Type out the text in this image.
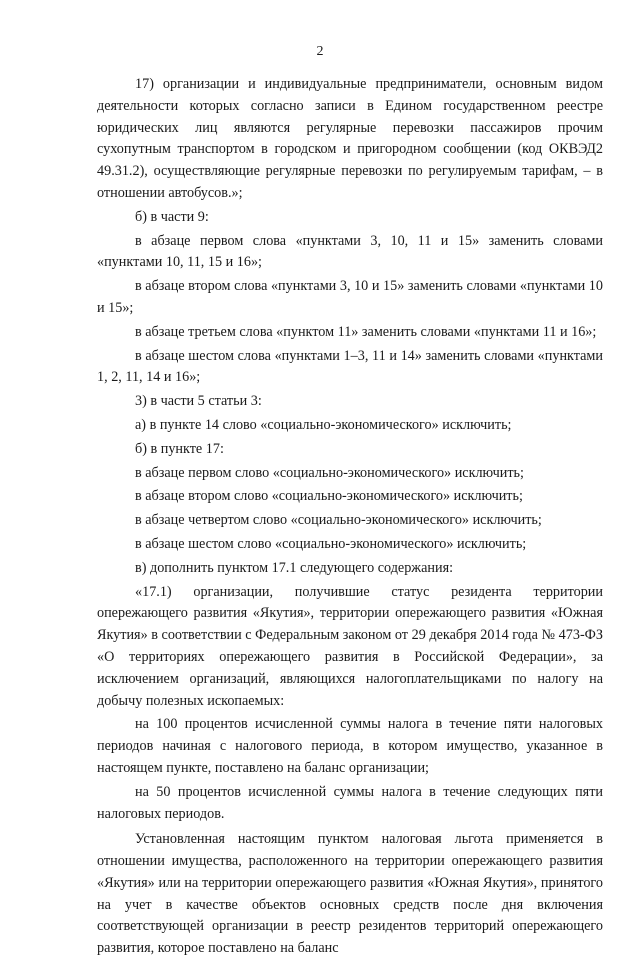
2

17) организации и индивидуальные предприниматели, основным видом деятельности которых согласно записи в Едином государственном реестре юридических лиц являются регулярные перевозки пассажиров прочим сухопутным транспортом в городском и пригородном сообщении (код ОКВЭД2 49.31.2), осуществляющие регулярные перевозки по регулируемым тарифам, – в отношении автобусов.»;

б) в части 9:

в абзаце первом слова «пунктами 3, 10, 11 и 15» заменить словами «пунктами 10, 11, 15 и 16»;

в абзаце втором слова «пунктами 3, 10 и 15» заменить словами «пунктами 10 и 15»;

в абзаце третьем слова «пунктом 11» заменить словами «пунктами 11 и 16»;

в абзаце шестом слова «пунктами 1–3, 11 и 14» заменить словами «пунктами 1, 2, 11, 14 и 16»;

3) в части 5 статьи 3:

а) в пункте 14 слово «социально-экономического» исключить;

б) в пункте 17:

в абзаце первом слово «социально-экономического» исключить;

в абзаце втором слово «социально-экономического» исключить;

в абзаце четвертом слово «социально-экономического» исключить;

в абзаце шестом слово «социально-экономического» исключить;

в) дополнить пунктом 17.1 следующего содержания:

«17.1) организации, получившие статус резидента территории опережающего развития «Якутия», территории опережающего развития «Южная Якутия» в соответствии с Федеральным законом от 29 декабря 2014 года № 473-ФЗ «О территориях опережающего развития в Российской Федерации», за исключением организаций, являющихся налогоплательщиками по налогу на добычу полезных ископаемых:

на 100 процентов исчисленной суммы налога в течение пяти налоговых периодов начиная с налогового периода, в котором имущество, указанное в настоящем пункте, поставлено на баланс организации;

на 50 процентов исчисленной суммы налога в течение следующих пяти налоговых периодов.

Установленная настоящим пунктом налоговая льгота применяется в отношении имущества, расположенного на территории опережающего развития «Якутия» или на территории опережающего развития «Южная Якутия», принятого на учет в качестве объектов основных средств после дня включения соответствующей организации в реестр резидентов территорий опережающего развития, которое поставлено на баланс
